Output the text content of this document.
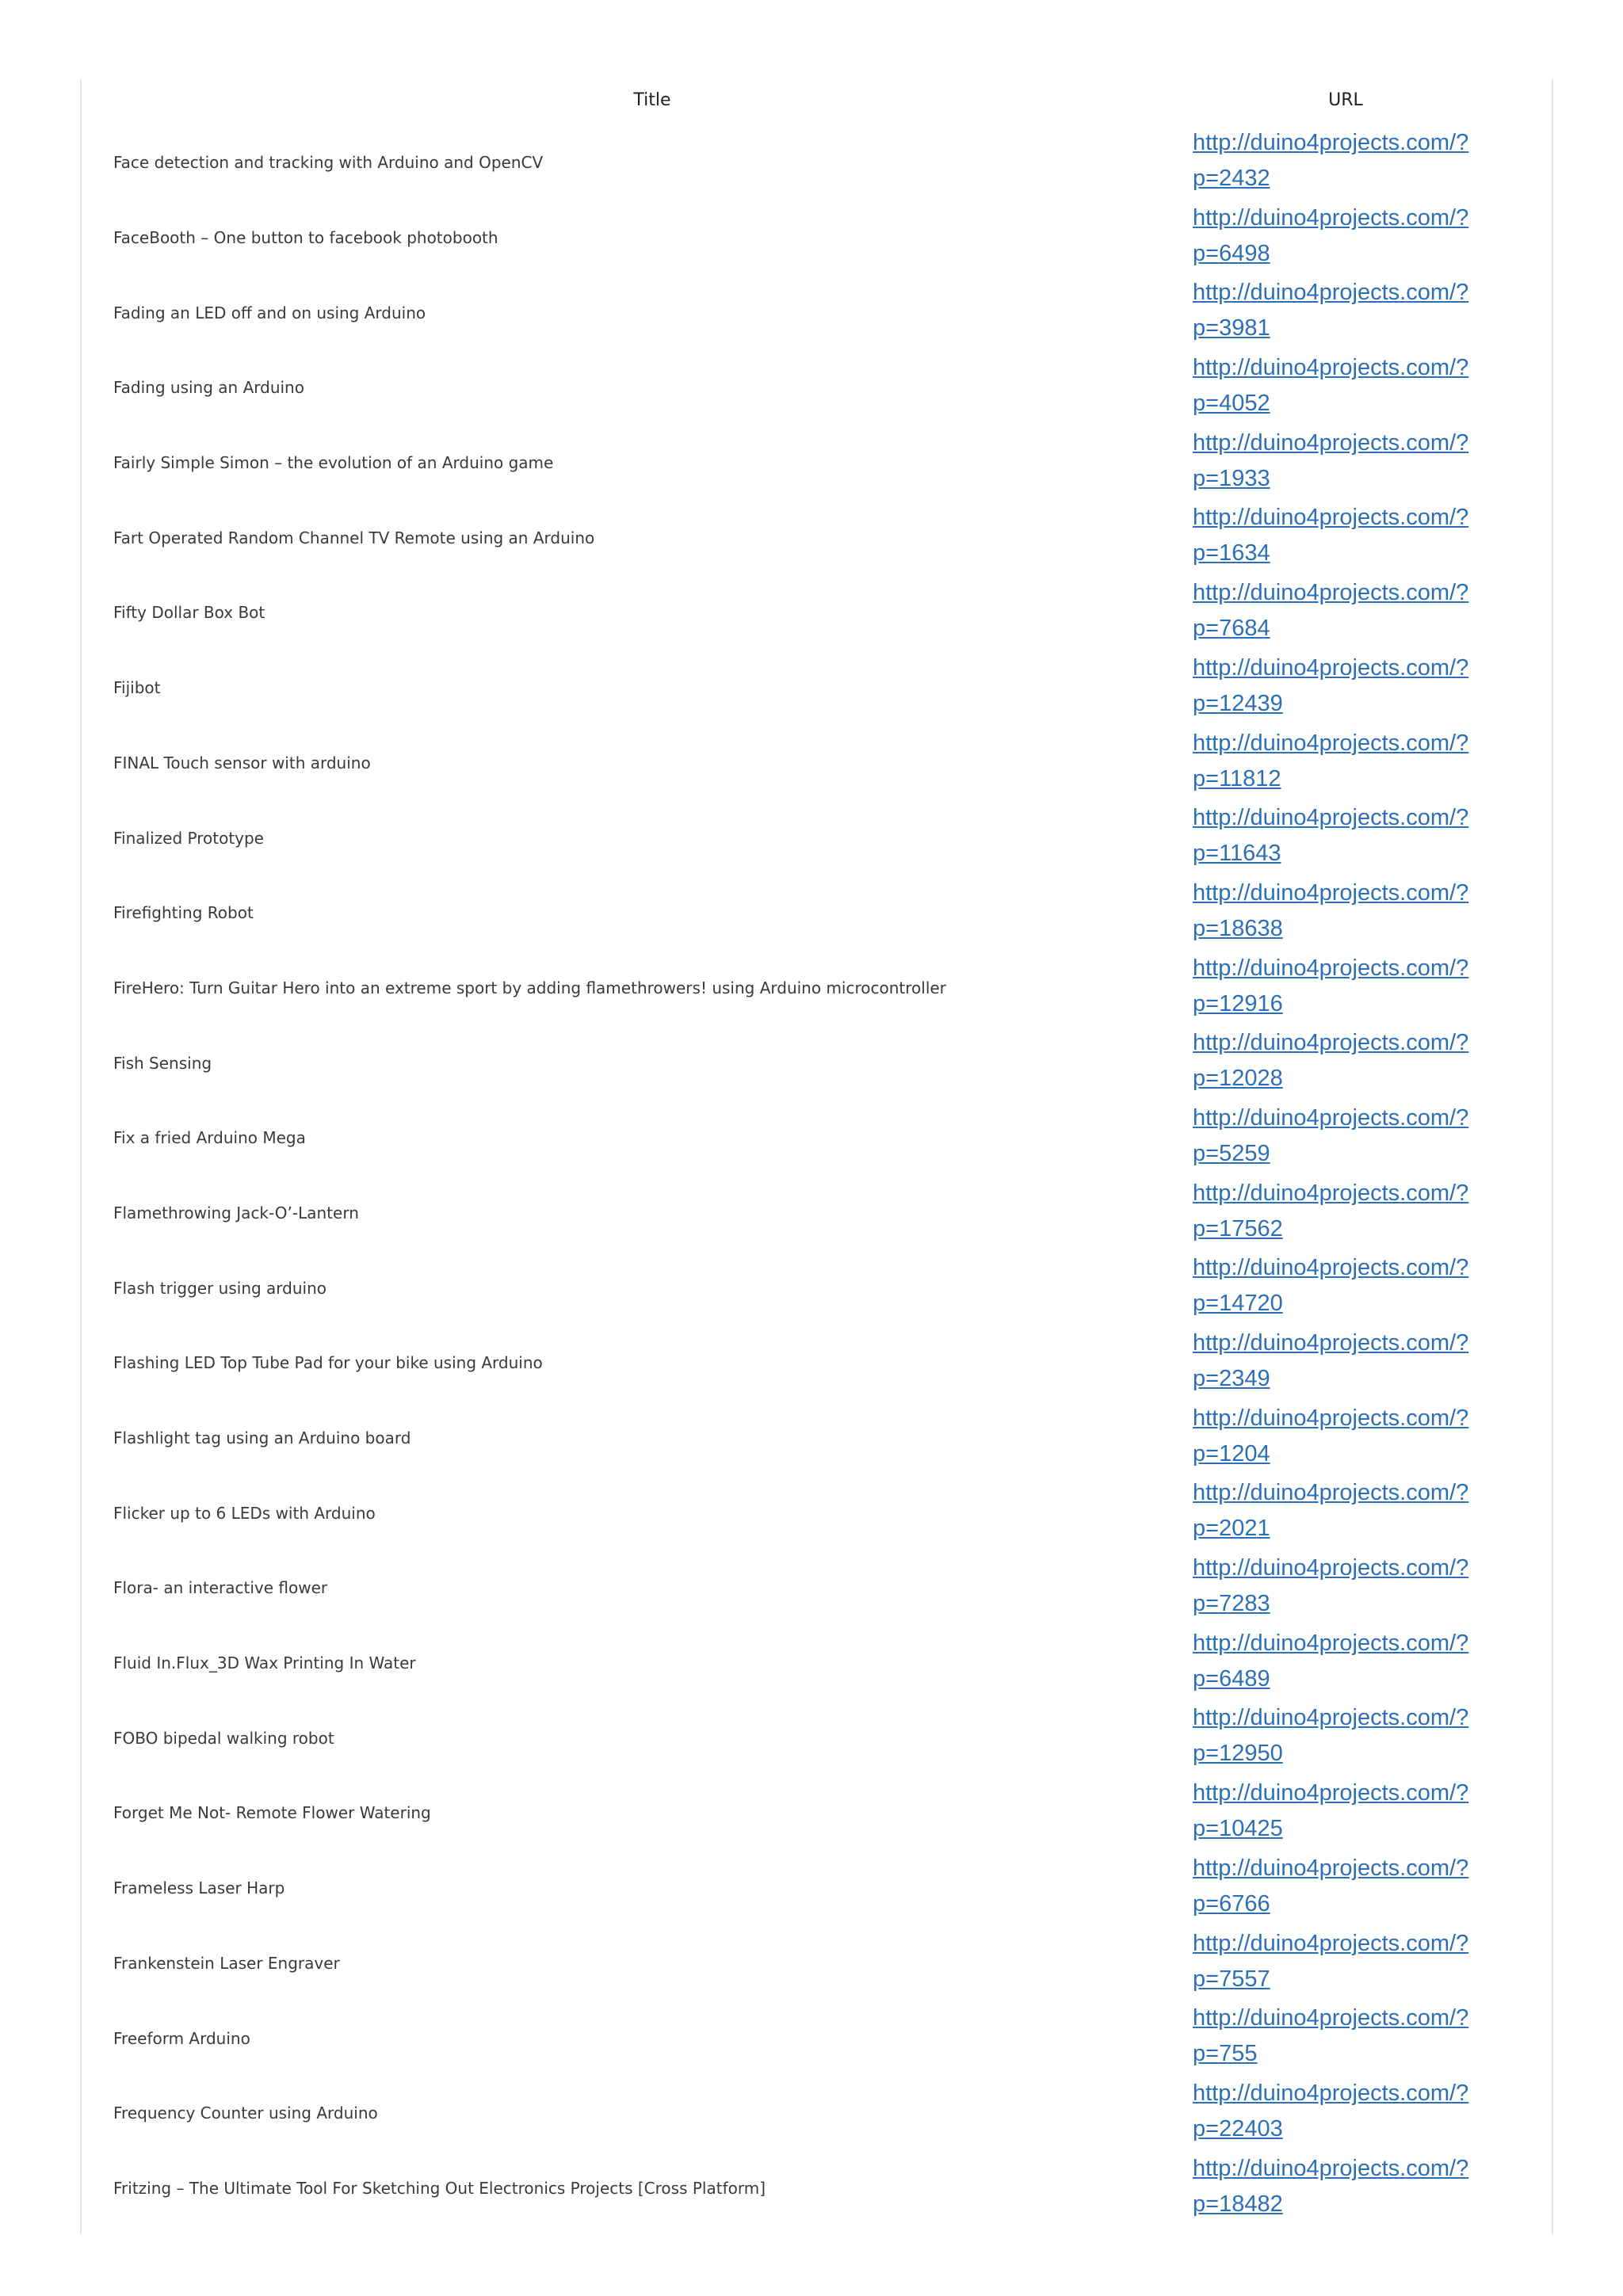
Title	URL
Face detection and tracking with Arduino and OpenCV
http://duino4projects.com/?p=2432
FaceBooth – One button to facebook photobooth
http://duino4projects.com/?p=6498
Fading an LED off and on using Arduino
http://duino4projects.com/?p=3981
Fading using an Arduino
http://duino4projects.com/?p=4052
Fairly Simple Simon – the evolution of an Arduino game
http://duino4projects.com/?p=1933
Fart Operated Random Channel TV Remote using an Arduino
http://duino4projects.com/?p=1634
Fifty Dollar Box Bot
http://duino4projects.com/?p=7684
Fijibot
http://duino4projects.com/?p=12439
FINAL Touch sensor with arduino
http://duino4projects.com/?p=11812
Finalized Prototype
http://duino4projects.com/?p=11643
Firefighting Robot
http://duino4projects.com/?p=18638
FireHero: Turn Guitar Hero into an extreme sport by adding flamethrowers! using Arduino microcontroller
http://duino4projects.com/?p=12916
Fish Sensing
http://duino4projects.com/?p=12028
Fix a fried Arduino Mega
http://duino4projects.com/?p=5259
Flamethrowing Jack-O’-Lantern
http://duino4projects.com/?p=17562
Flash trigger using arduino
http://duino4projects.com/?p=14720
Flashing LED Top Tube Pad for your bike using Arduino
http://duino4projects.com/?p=2349
Flashlight tag using an Arduino board
http://duino4projects.com/?p=1204
Flicker up to 6 LEDs with Arduino
http://duino4projects.com/?p=2021
Flora- an interactive flower
http://duino4projects.com/?p=7283
Fluid In.Flux_3D Wax Printing In Water
http://duino4projects.com/?p=6489
FOBO bipedal walking robot
http://duino4projects.com/?p=12950
Forget Me Not- Remote Flower Watering
http://duino4projects.com/?p=10425
Frameless Laser Harp
http://duino4projects.com/?p=6766
Frankenstein Laser Engraver
http://duino4projects.com/?p=7557
Freeform Arduino
http://duino4projects.com/?p=755
Frequency Counter using Arduino
http://duino4projects.com/?p=22403
Fritzing – The Ultimate Tool For Sketching Out Electronics Projects [Cross Platform]
http://duino4projects.com/?p=18482
